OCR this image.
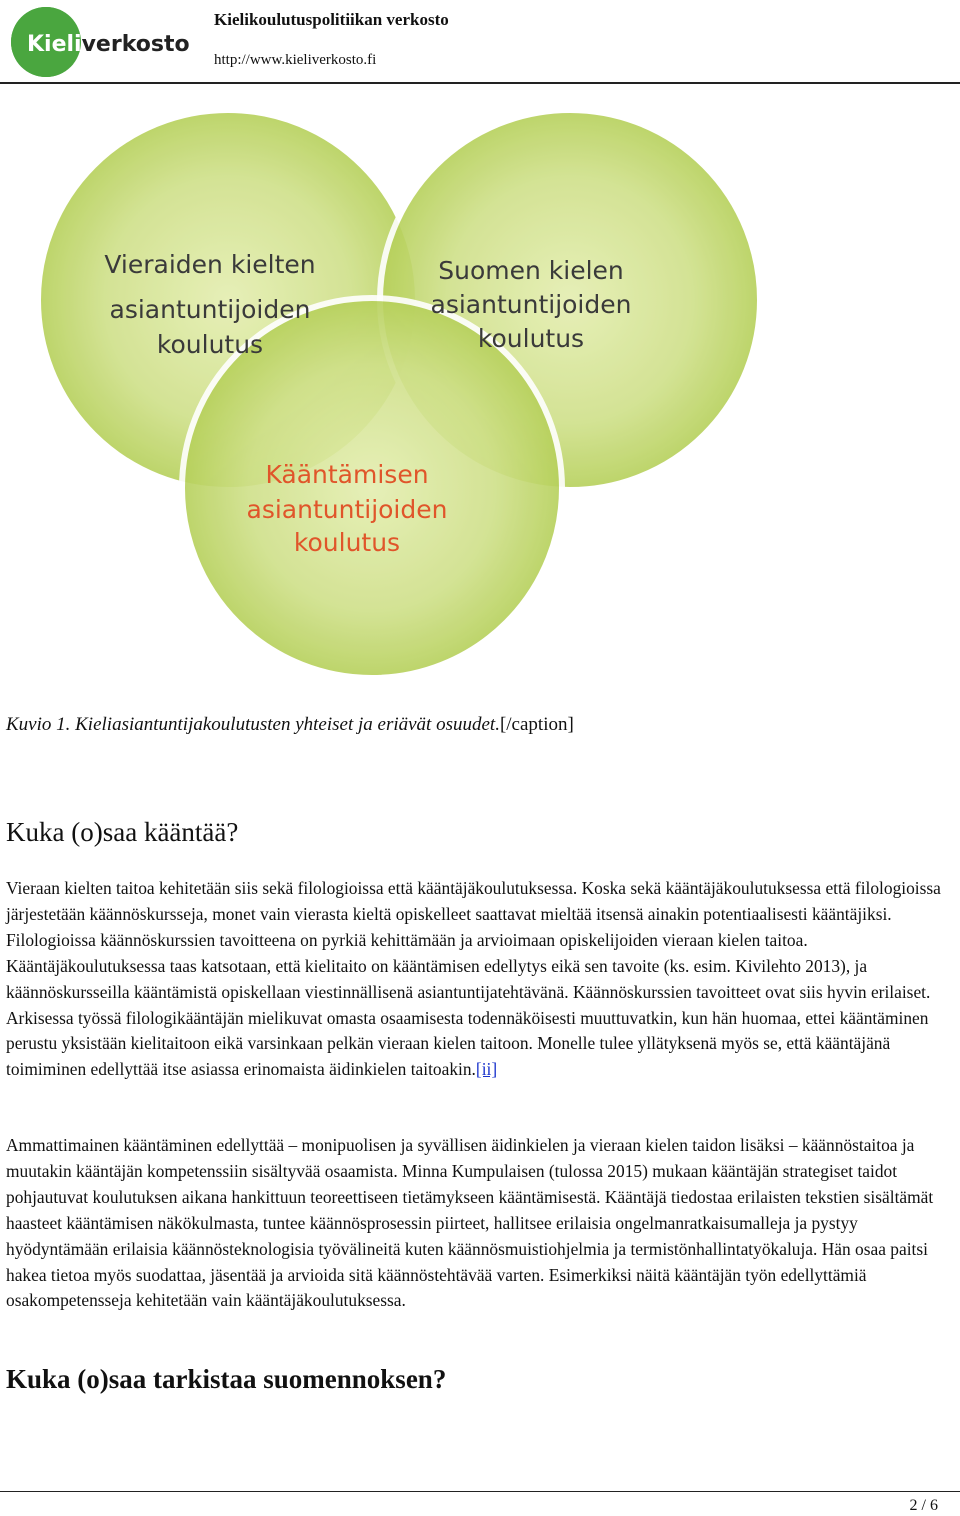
Kieliverkosto
Kielikoulutuspolitiikan verkosto
http://www.kieliverkosto.fi
Vieraiden kielten
asiantuntijoiden
koulutus
Suomen kielen
asiantuntijoiden
koulutus
Kääntämisen
asiantuntijoiden
koulutus
Kuvio 1. Kieliasiantuntijakoulutusten yhteiset ja eriävät osuudet.[/caption]
Kuka (o)saa kääntää?

Vieraan kielten taitoa kehitetään siis sekä filologioissa että kääntäjäkoulutuksessa. Koska sekä kääntäjäkoulutuksessa että filologioissa järjestetään käännöskursseja, monet vain vierasta kieltä opiskelleet saattavat mieltää itsensä ainakin potentiaalisesti kääntäjiksi. Filologioissa käännöskurssien tavoitteena on pyrkiä kehittämään ja arvioimaan opiskelijoiden vieraan kielen taitoa. Kääntäjäkoulutuksessa taas katsotaan, että kielitaito on kääntämisen edellytys eikä sen tavoite (ks. esim. Kivilehto 2013), ja käännöskursseilla kääntämistä opiskellaan viestinnällisenä asiantuntijatehtävänä. Käännöskurssien tavoitteet ovat siis hyvin erilaiset. Arkisessa työssä filologikääntäjän mielikuvat omasta osaamisesta todennäköisesti muuttuvatkin, kun hän huomaa, ettei kääntäminen perustu yksistään kielitaitoon eikä varsinkaan pelkän vieraan kielen taitoon. Monelle tulee yllätyksenä myös se, että kääntäjänä toimiminen edellyttää itse asiassa erinomaista äidinkielen taitoakin.[ii]

Ammattimainen kääntäminen edellyttää – monipuolisen ja syvällisen äidinkielen ja vieraan kielen taidon lisäksi – käännöstaitoa ja muutakin kääntäjän kompetenssiin sisältyvää osaamista. Minna Kumpulaisen (tulossa 2015) mukaan kääntäjän strategiset taidot pohjautuvat koulutuksen aikana hankittuun teoreettiseen tietämykseen kääntämisestä. Kääntäjä tiedostaa erilaisten tekstien sisältämät haasteet kääntämisen näkökulmasta, tuntee käännösprosessin piirteet, hallitsee erilaisia ongelmanratkaisumalleja ja pystyy hyödyntämään erilaisia käännösteknologisia työvälineitä kuten käännösmuistiohjelmia ja termistönhallintatyökaluja. Hän osaa paitsi hakea tietoa myös suodattaa, jäsentää ja arvioida sitä käännöstehtävää varten. Esimerkiksi näitä kääntäjän työn edellyttämiä osakompetensseja kehitetään vain kääntäjäkoulutuksessa.

Kuka (o)saa tarkistaa suomennoksen?
2 / 6
